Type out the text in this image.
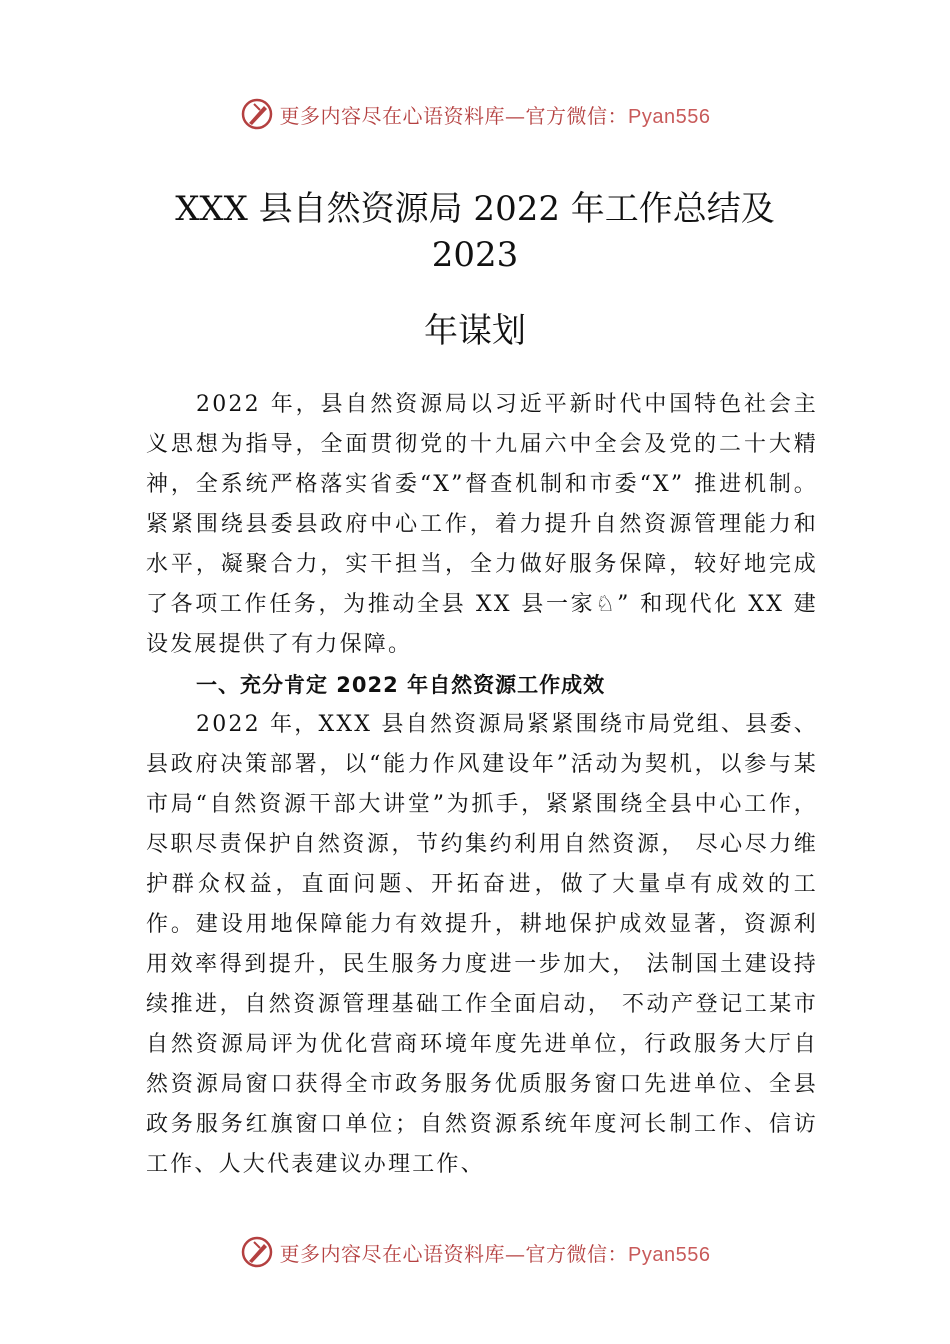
更多内容尽在心语资料库—官方微信：Pyan556
XXX 县自然资源局 2022 年工作总结及
2023
年谋划

2022 年，县自然资源局以习近平新时代中国特色社会主义思想为指导，全面贯彻党的十九届六中全会及党的二十大精神，全系统严格落实省委“X”督查机制和市委“X” 推进机制。紧紧围绕县委县政府中心工作，着力提升自然资源管理能力和水平，凝聚合力，实干担当，全力做好服务保障，较好地完成了各项工作任务，为推动全县 XX 县一家♘” 和现代化 XX 建设发展提供了有力保障。

一、充分肯定 2022 年自然资源工作成效

2022 年，XXX 县自然资源局紧紧围绕市局党组、县委、县政府决策部署，以“能力作风建设年”活动为契机，以参与某市局“自然资源干部大讲堂”为抓手，紧紧围绕全县中心工作，尽职尽责保护自然资源，节约集约利用自然资源， 尽心尽力维护群众权益，直面问题、开拓奋进，做了大量卓有成效的工作。建设用地保障能力有效提升，耕地保护成效显著，资源利用效率得到提升，民生服务力度进一步加大， 法制国土建设持续推进，自然资源管理基础工作全面启动， 不动产登记工某市自然资源局评为优化营商环境年度先进单位，行政服务大厅自然资源局窗口获得全市政务服务优质服务窗口先进单位、全县政务服务红旗窗口单位；自然资源系统年度河长制工作、信访工作、人大代表建议办理工作、

更多内容尽在心语资料库—官方微信：Pyan556
